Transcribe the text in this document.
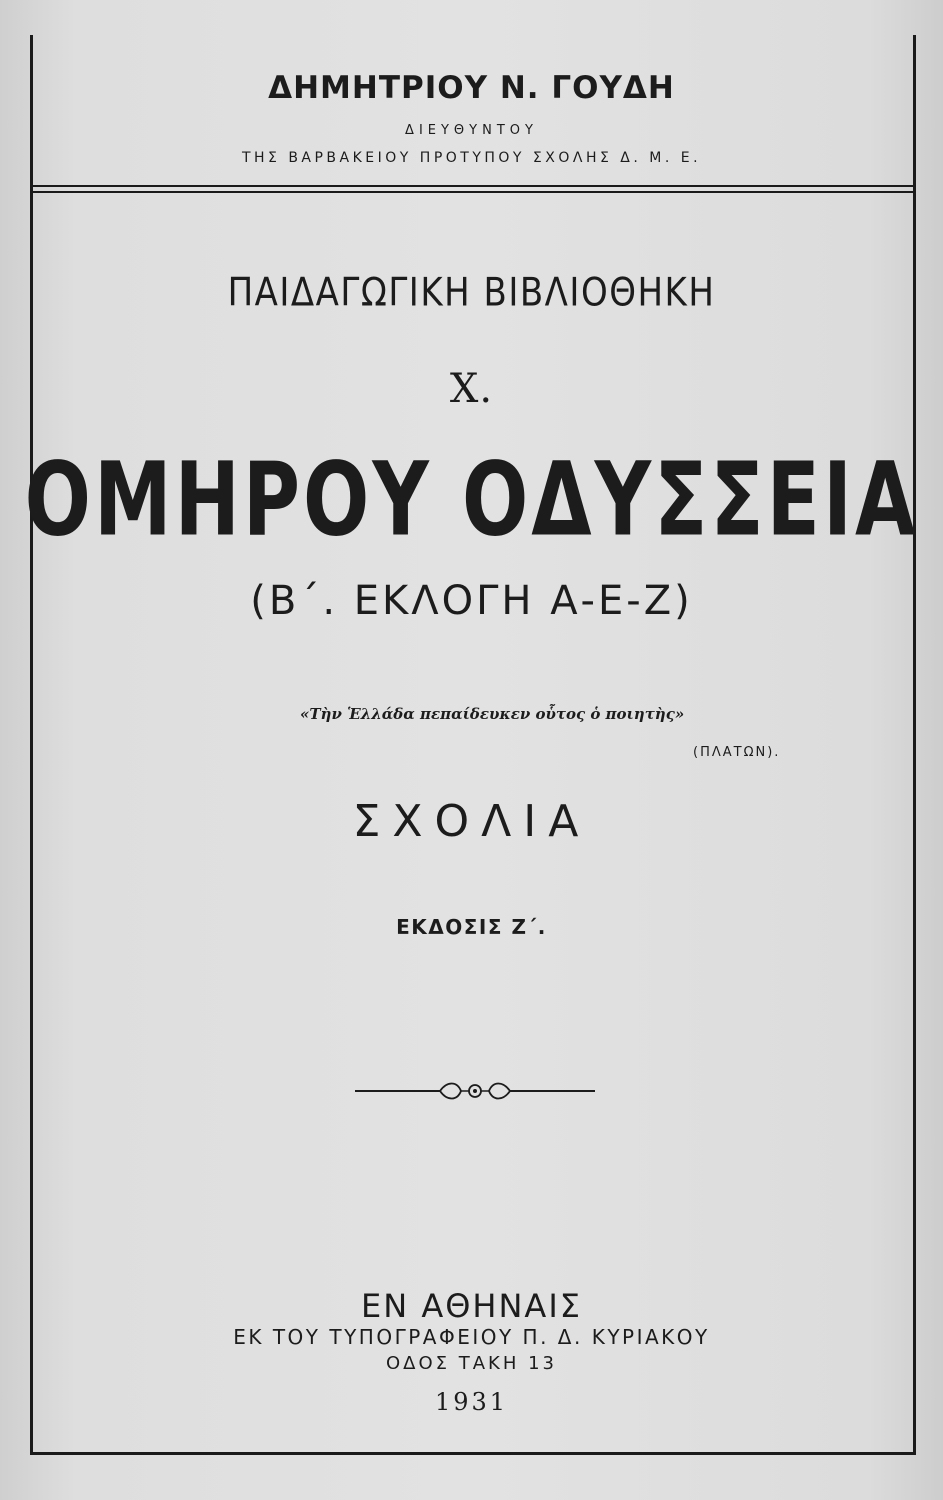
ΔΗΜΗΤΡΙΟΥ Ν. ΓΟΥΔΗ
ΔΙΕΥΘΥΝΤΟΥ
ΤΗΣ ΒΑΡΒΑΚΕΙΟΥ ΠΡΟΤΥΠΟΥ ΣΧΟΛΗΣ Δ. Μ. Ε.
ΠΑΙΔΑΓΩΓΙΚΗ ΒΙΒΛΙΟΘΗΚΗ
X.
ΟΜΗΡΟΥ ΟΔΥΣΣΕΙΑ
(Β΄. ΕΚΛΟΓΗ Α-Ε-Ζ)
«Τὴν Ἑλλάδα πεπαίδευκεν οὗτος ὁ ποιητὴς»
(ΠΛΑΤΩΝ).
ΣΧΟΛΙΑ
ΕΚΔΟΣΙΣ Ζ΄.
ΕΝ ΑΘΗΝΑΙΣ
ΕΚ ΤΟΥ ΤΥΠΟΓΡΑΦΕΙΟΥ Π. Δ. ΚΥΡΙΑΚΟΥ
ΟΔΟΣ ΤΑΚΗ 13
1931
